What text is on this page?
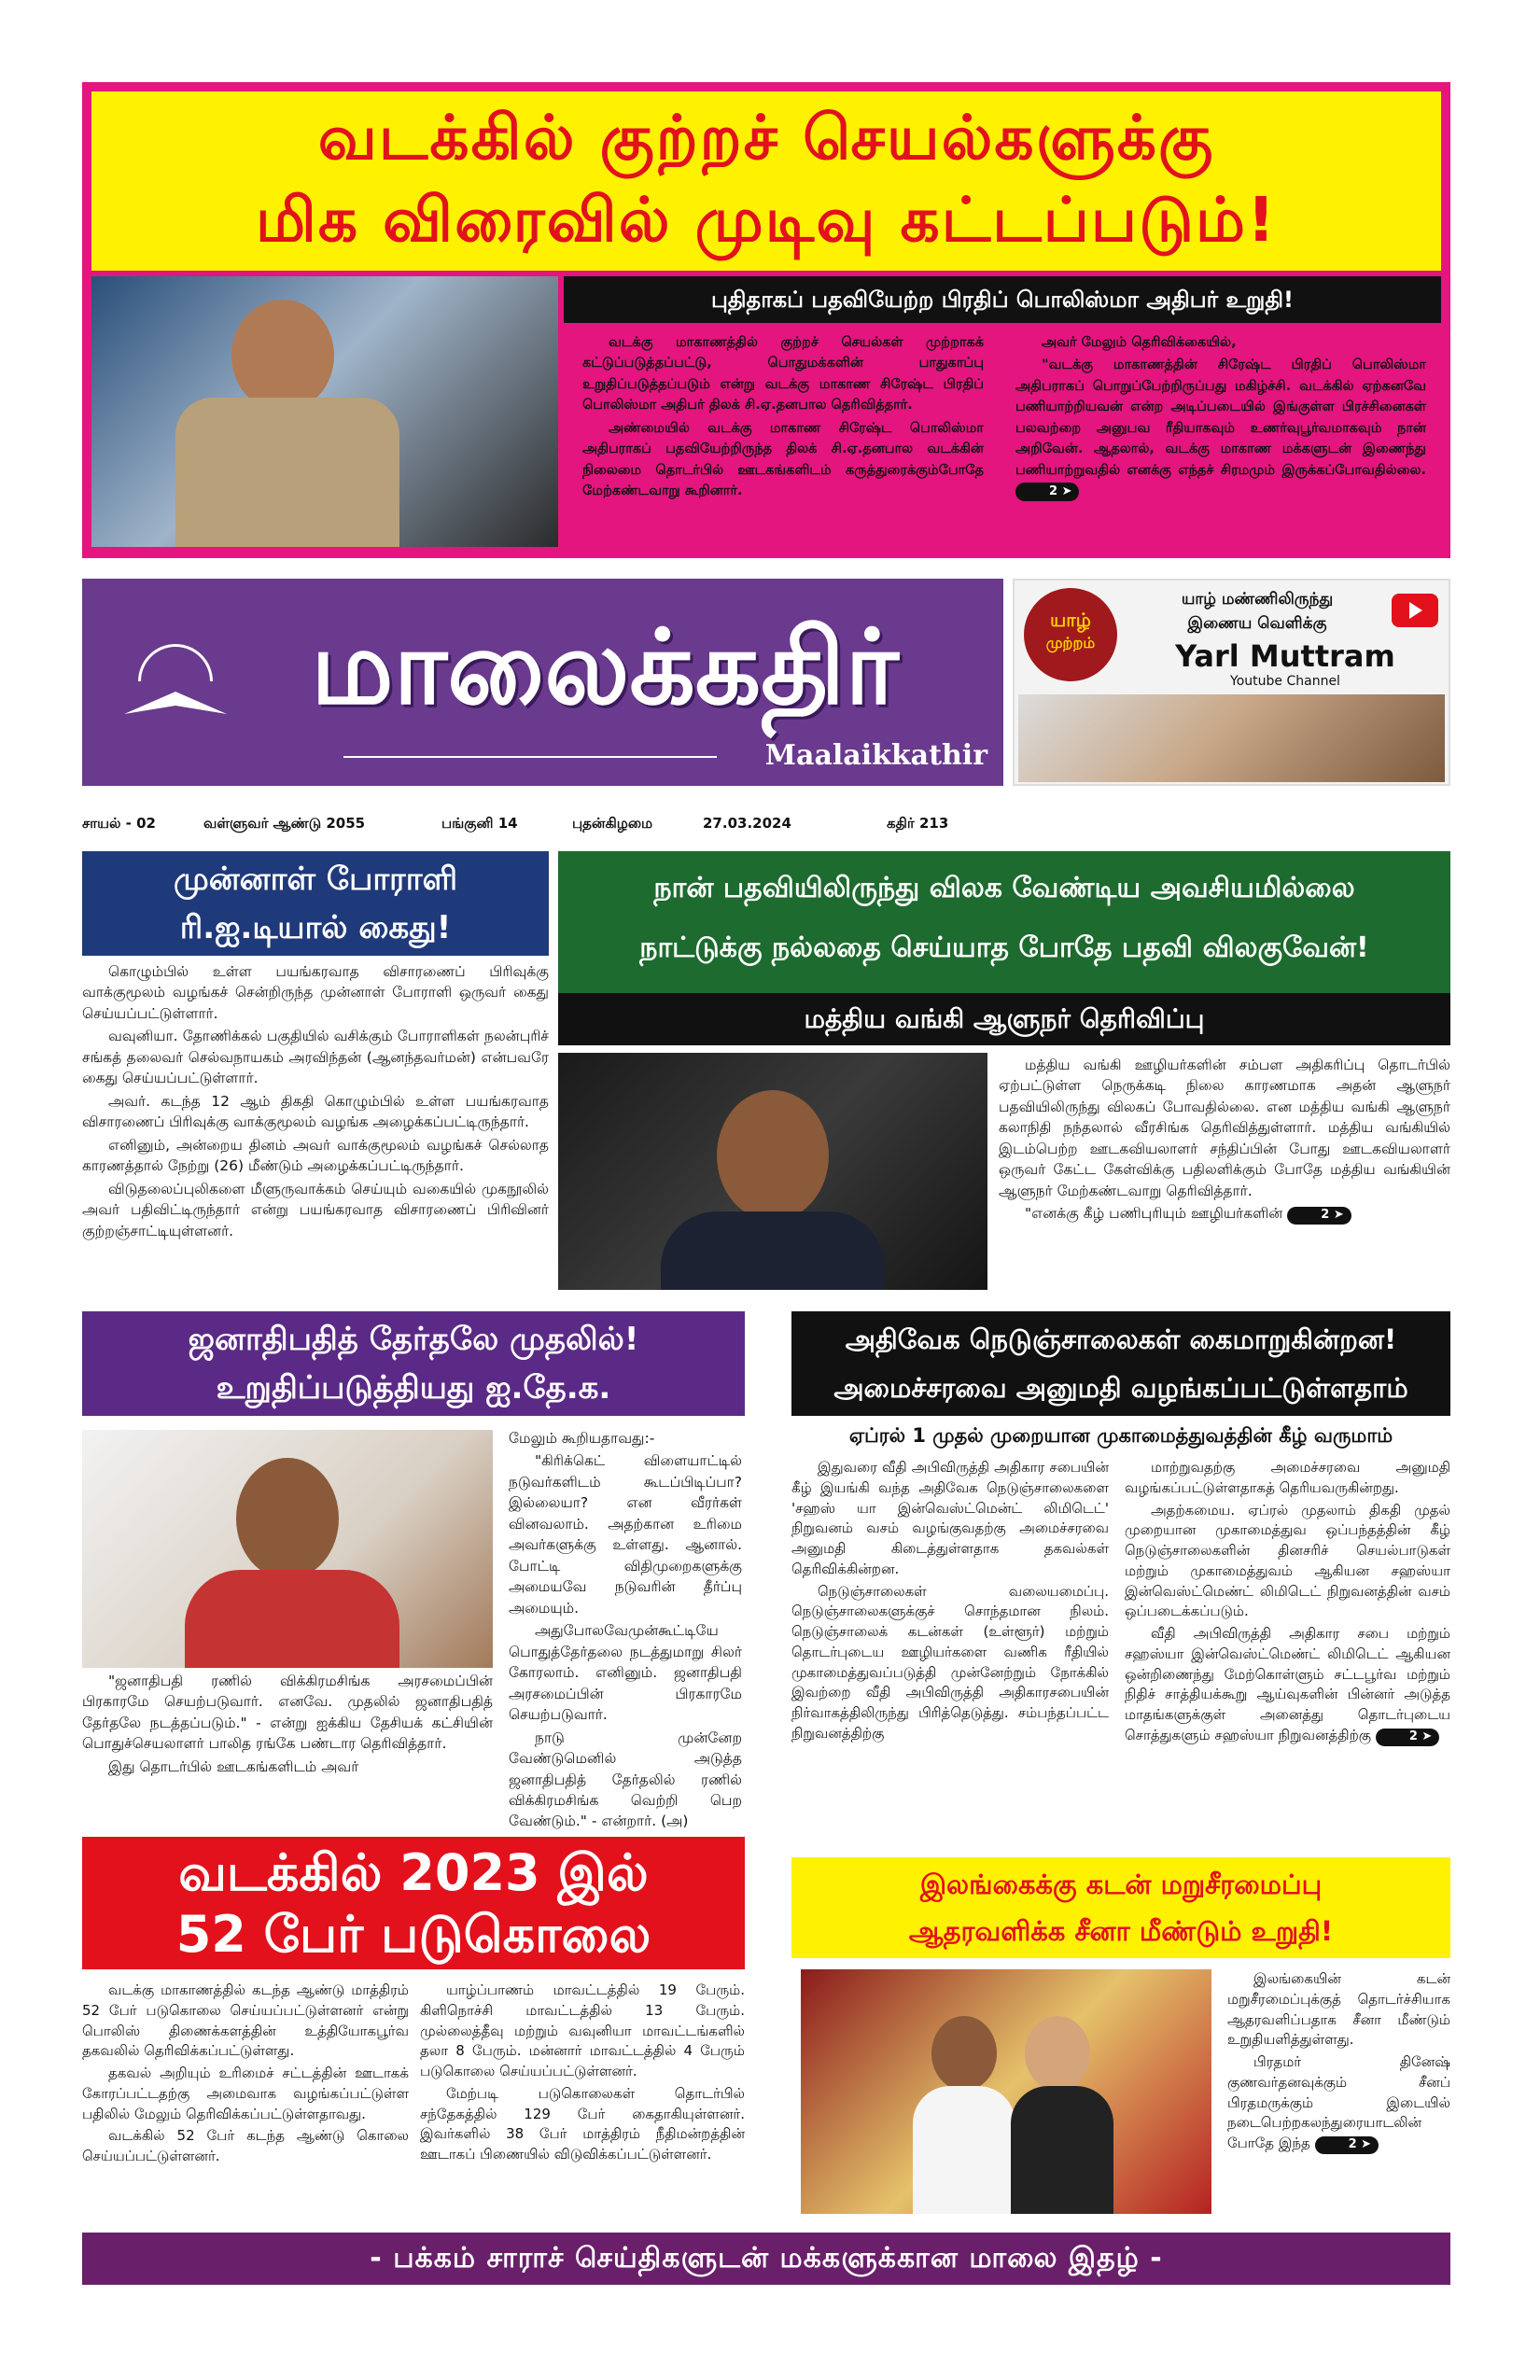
வடக்கில் குற்றச் செயல்களுக்கு
மிக விரைவில் முடிவு கட்டப்படும்!
புதிதாகப் பதவியேற்ற பிரதிப் பொலிஸ்மா அதிபர் உறுதி!

வடக்கு மாகாணத்தில் குற்றச் செயல்கள் முற்றாகக் கட்டுப்படுத்தப்பட்டு, பொதுமக்களின் பாதுகாப்பு உறுதிப்படுத்தப்படும் என்று வடக்கு மாகாண சிரேஷ்ட பிரதிப் பொலிஸ்மா அதிபர் திலக் சி.ஏ.தனபால தெரிவித்தார்.

அண்மையில் வடக்கு மாகாண சிரேஷ்ட பொலிஸ்மா அதிபராகப் பதவியேற்றிருந்த திலக் சி.ஏ.தனபால வடக்கின் நிலைமை தொடர்பில் ஊடகங்களிடம் கருத்துரைக்கும்போதே மேற்கண்டவாறு கூறினார்.

அவர் மேலும் தெரிவிக்கையில்,

"வடக்கு மாகாணத்தின் சிரேஷ்ட பிரதிப் பொலிஸ்மா அதிபராகப் பொறுப்பேற்றிருப்பது மகிழ்ச்சி. வடக்கில் ஏற்கனவே பணியாற்றியவன் என்ற அடிப்படையில் இங்குள்ள பிரச்சினைகள் பலவற்றை அனுபவ ரீதியாகவும் உணர்வுபூர்வமாகவும் நான் அறிவேன். ஆதலால், வடக்கு மாகாண மக்களுடன் இணைந்து பணியாற்றுவதில் எனக்கு எந்தச் சிரமமும் இருக்கப்போவதில்லை. 2 ➤

மாலைக்கதிர்
Maalaikkathir
யாழ்
முற்றம்
யாழ் மண்ணிலிருந்து
இணைய வெளிக்கு
Yarl Muttram
Youtube Channel
சாயல் - 02	வள்ளுவர் ஆண்டு 2055	பங்குனி 14	புதன்கிழமை	27.03.2024	கதிர் 213
முன்னாள் போராளி
ரி.ஐ.டியால் கைது!

கொழும்பில் உள்ள பயங்கரவாத விசாரணைப் பிரிவுக்கு வாக்குமூலம் வழங்கச் சென்றிருந்த முன்னாள் போராளி ஒருவர் கைது செய்யப்பட்டுள்ளார்.

வவுனியா. தோணிக்கல் பகுதியில் வசிக்கும் போராளிகள் நலன்புரிச் சங்கத் தலைவர் செல்வநாயகம் அரவிந்தன் (ஆனந்தவர்மன்) என்பவரே கைது செய்யப்பட்டுள்ளார்.

அவர். கடந்த 12 ஆம் திகதி கொழும்பில் உள்ள பயங்கரவாத விசாரணைப் பிரிவுக்கு வாக்குமூலம் வழங்க அழைக்கப்பட்டிருந்தார்.

எனினும், அன்றைய தினம் அவர் வாக்குமூலம் வழங்கச் செல்லாத காரணத்தால் நேற்று (26) மீண்டும் அழைக்கப்பட்டிருந்தார்.

விடுதலைப்புலிகளை மீளுருவாக்கம் செய்யும் வகையில் முகநூலில் அவர் பதிவிட்டிருந்தார் என்று பயங்கரவாத விசாரணைப் பிரிவினர் குற்றஞ்சாட்டியுள்ளனர்.

நான் பதவியிலிருந்து விலக வேண்டிய அவசியமில்லை
நாட்டுக்கு நல்லதை செய்யாத போதே பதவி விலகுவேன்!
மத்திய வங்கி ஆளுநர் தெரிவிப்பு

மத்திய வங்கி ஊழியர்களின் சம்பள அதிகரிப்பு தொடர்பில் ஏற்பட்டுள்ள நெருக்கடி நிலை காரணமாக அதன் ஆளுநர் பதவியிலிருந்து விலகப் போவதில்லை. என மத்திய வங்கி ஆளுநர் கலாநிதி நந்தலால் வீரசிங்க தெரிவித்துள்ளார். மத்திய வங்கியில் இடம்பெற்ற ஊடகவியலாளர் சந்திப்பின் போது ஊடகவியலாளர் ஒருவர் கேட்ட கேள்விக்கு பதிலளிக்கும் போதே மத்திய வங்கியின் ஆளுநர் மேற்கண்டவாறு தெரிவித்தார்.

"எனக்கு கீழ் பணிபுரியும் ஊழியர்களின்	2 ➤

ஜனாதிபதித் தேர்தலே முதலில்!
உறுதிப்படுத்தியது ஐ.தே.க.

"ஜனாதிபதி ரணில் விக்கிரமசிங்க அரசமைப்பின் பிரகாரமே செயற்படுவார். எனவே. முதலில் ஜனாதிபதித் தேர்தலே நடத்தப்படும்." - என்று ஐக்கிய தேசியக் கட்சியின் பொதுச்செயலாளர் பாலித ரங்கே பண்டார தெரிவித்தார்.

இது தொடர்பில் ஊடகங்களிடம் அவர்

மேலும் கூறியதாவது:-

"கிரிக்கெட் விளையாட்டில் நடுவர்களிடம் கூடப்பிடிப்பா? இல்லையா? என வீரர்கள் வினவலாம். அதற்கான உரிமை அவர்களுக்கு உள்ளது. ஆனால். போட்டி விதிமுறைகளுக்கு அமையவே நடுவரின் தீர்ப்பு அமையும்.

அதுபோலவேமுன்கூட்டியே பொதுத்தேர்தலை நடத்துமாறு சிலர் கோரலாம். எனினும். ஜனாதிபதி அரசமைப்பின் பிரகாரமே செயற்படுவார்.

நாடு முன்னேற வேண்டுமெனில் அடுத்த ஜனாதிபதித் தேர்தலில் ரணில் விக்கிரமசிங்க வெற்றி பெற வேண்டும்." - என்றார். (அ)

அதிவேக நெடுஞ்சாலைகள் கைமாறுகின்றன!
அமைச்சரவை அனுமதி வழங்கப்பட்டுள்ளதாம்
ஏப்ரல் 1 முதல் முறையான முகாமைத்துவத்தின் கீழ் வருமாம்

இதுவரை வீதி அபிவிருத்தி அதிகார சபையின் கீழ் இயங்கி வந்த அதிவேக நெடுஞ்சாலைகளை 'சஹஸ் யா இன்வெஸ்ட்மென்ட் லிமிடெட்' நிறுவனம் வசம் வழங்குவதற்கு அமைச்சரவை அனுமதி கிடைத்துள்ளதாக தகவல்கள் தெரிவிக்கின்றன.

நெடுஞ்சாலைகள் வலையமைப்பு. நெடுஞ்சாலைகளுக்குச் சொந்தமான நிலம். நெடுஞ்சாலைக் கடன்கள் (உள்ளூர்) மற்றும் தொடர்புடைய ஊழியர்களை வணிக ரீதியில் முகாமைத்துவப்படுத்தி முன்னேற்றும் நோக்கில் இவற்றை வீதி அபிவிருத்தி அதிகாரசபையின் நிர்வாகத்திலிருந்து பிரித்தெடுத்து. சம்பந்தப்பட்ட நிறுவனத்திற்கு

மாற்றுவதற்கு அமைச்சரவை அனுமதி வழங்கப்பட்டுள்ளதாகத் தெரியவருகின்றது.

அதற்கமைய. ஏப்ரல் முதலாம் திகதி முதல் முறையான முகாமைத்துவ ஒப்பந்தத்தின் கீழ் நெடுஞ்சாலைகளின் தினசரிச் செயல்பாடுகள் மற்றும் முகாமைத்துவம் ஆகியன சஹஸ்யா இன்வெஸ்ட்மெண்ட் லிமிடெட் நிறுவனத்தின் வசம் ஒப்படைக்கப்படும்.

வீதி அபிவிருத்தி அதிகார சபை மற்றும் சஹஸ்யா இன்வெஸ்ட்மெண்ட் லிமிடெட் ஆகியன ஒன்றிணைந்து மேற்கொள்ளும் சட்டபூர்வ மற்றும் நிதிச் சாத்தியக்கூறு ஆய்வுகளின் பின்னர் அடுத்த மாதங்களுக்குள் அனைத்து தொடர்புடைய சொத்துகளும் சஹஸ்யா நிறுவனத்திற்கு	2 ➤

வடக்கில் 2023 இல்
52 பேர் படுகொலை

வடக்கு மாகாணத்தில் கடந்த ஆண்டு மாத்திரம் 52 பேர் படுகொலை செய்யப்பட்டுள்ளனர் என்று பொலிஸ் திணைக்களத்தின் உத்தியோகபூர்வ தகவலில் தெரிவிக்கப்பட்டுள்ளது.

தகவல் அறியும் உரிமைச் சட்டத்தின் ஊடாகக் கோரப்பட்டதற்கு அமைவாக வழங்கப்பட்டுள்ள பதிலில் மேலும் தெரிவிக்கப்பட்டுள்ளதாவது.

வடக்கில் 52 பேர் கடந்த ஆண்டு கொலை செய்யப்பட்டுள்ளனர்.

யாழ்ப்பாணம் மாவட்டத்தில் 19 பேரும். கிளிநொச்சி மாவட்டத்தில் 13 பேரும். முல்லைத்தீவு மற்றும் வவுனியா மாவட்டங்களில் தலா 8 பேரும். மன்னார் மாவட்டத்தில் 4 பேரும் படுகொலை செய்யப்பட்டுள்ளனர்.

மேற்படி படுகொலைகள் தொடர்பில் சந்தேகத்தில் 129 பேர் கைதாகியுள்ளனர். இவர்களில் 38 பேர் மாத்திரம் நீதிமன்றத்தின் ஊடாகப் பிணையில் விடுவிக்கப்பட்டுள்ளனர்.

இலங்கைக்கு கடன் மறுசீரமைப்பு
ஆதரவளிக்க சீனா மீண்டும் உறுதி!

இலங்கையின் கடன் மறுசீரமைப்புக்குத் தொடர்ச்சியாக ஆதரவளிப்பதாக சீனா மீண்டும் உறுதியளித்துள்ளது.

பிரதமர் தினேஷ் குணவர்தனவுக்கும் சீனப் பிரதமருக்கும் இடையில் நடைபெற்றகலந்துரையாடலின் போதே இந்த	2 ➤

- பக்கம் சாராச் செய்திகளுடன் மக்களுக்கான மாலை இதழ் -
